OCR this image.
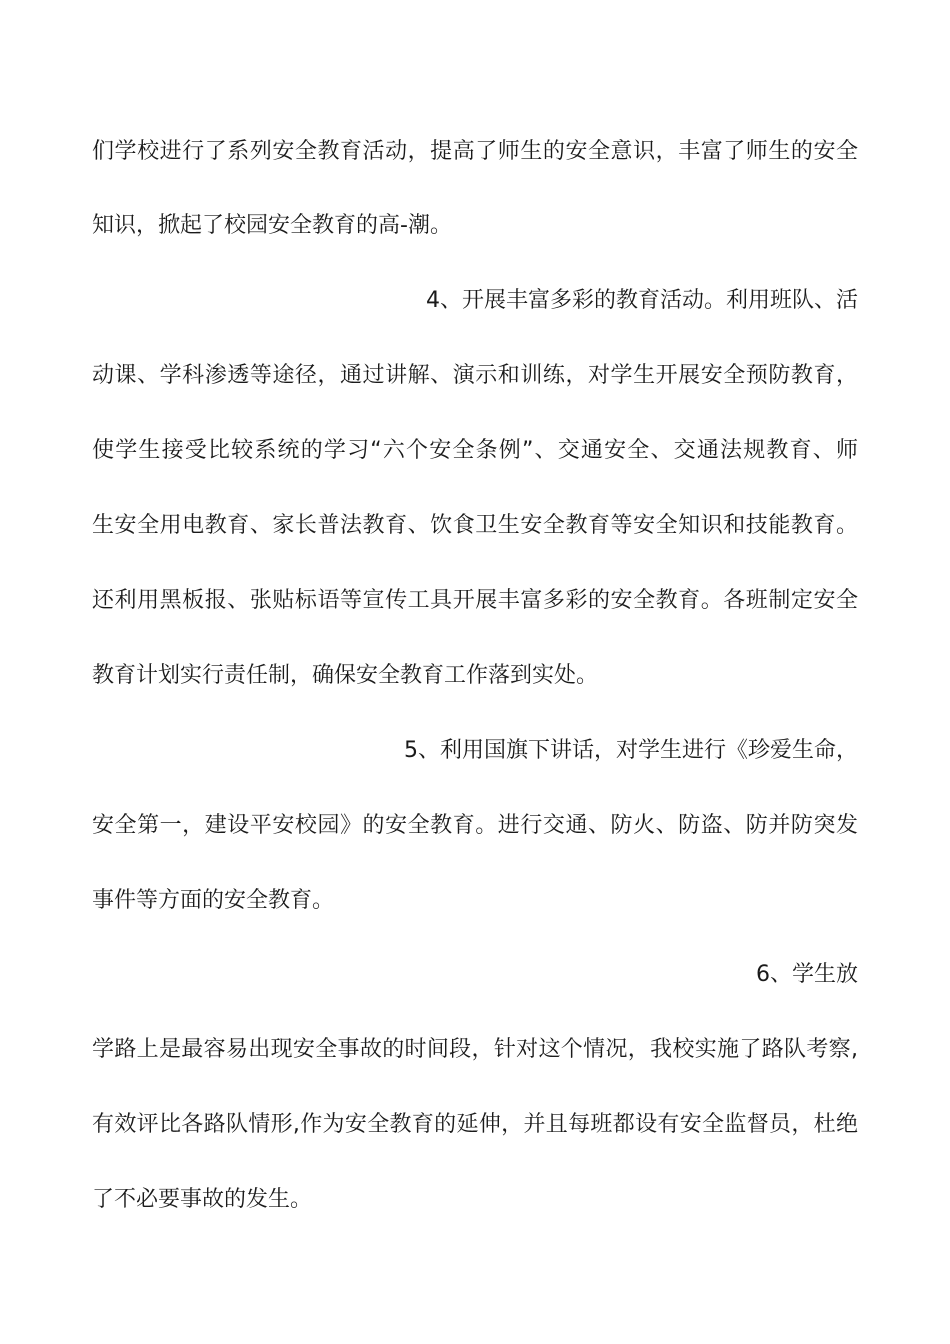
们学校进行了系列安全教育活动，提高了师生的安全意识，丰富了师生的安全
知识，掀起了校园安全教育的高-潮。
4、开展丰富多彩的教育活动。利用班队、活
动课、学科渗透等途径，通过讲解、演示和训练，对学生开展安全预防教育，
使学生接受比较系统的学习“六个安全条例”、交通安全、交通法规教育、师
生安全用电教育、家长普法教育、饮食卫生安全教育等安全知识和技能教育。
还利用黑板报、张贴标语等宣传工具开展丰富多彩的安全教育。各班制定安全
教育计划实行责任制，确保安全教育工作落到实处。
5、利用国旗下讲话，对学生进行《珍爱生命，
安全第一，建设平安校园》的安全教育。进行交通、防火、防盗、防并防突发
事件等方面的安全教育。
6、学生放
学路上是最容易出现安全事故的时间段，针对这个情况，我校实施了路队考察,
有效评比各路队情形,作为安全教育的延伸，并且每班都设有安全监督员，杜绝
了不必要事故的发生。
